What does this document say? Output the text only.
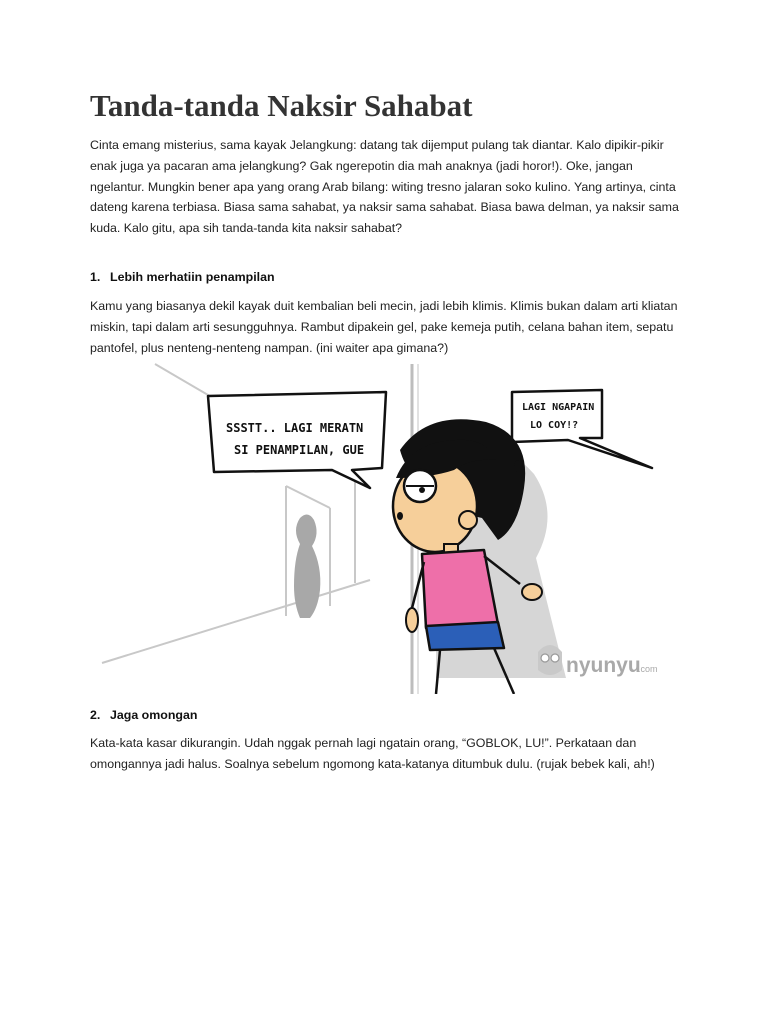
Tanda-tanda Naksir Sahabat

Cinta emang misterius, sama kayak Jelangkung: datang tak dijemput pulang tak diantar. Kalo dipikir-pikir enak juga ya pacaran ama jelangkung? Gak ngerepotin dia mah anaknya (jadi horor!). Oke, jangan ngelantur. Mungkin bener apa yang orang Arab bilang: witing tresno jalaran soko kulino. Yang artinya, cinta dateng karena terbiasa. Biasa sama sahabat, ya naksir sama sahabat. Biasa bawa delman, ya naksir sama kuda. Kalo gitu, apa sih tanda-tanda kita naksir sahabat?

1. Lebih merhatiin penampilan

Kamu yang biasanya dekil kayak duit kembalian beli mecin, jadi lebih klimis. Klimis bukan dalam arti kliatan miskin, tapi dalam arti sesungguhnya. Rambut dipakein gel, pake kemeja putih, celana bahan item, sepatu pantofel, plus nenteng-nenteng nampan. (ini waiter apa gimana?)

2. Jaga omongan

Kata-kata kasar dikurangin. Udah nggak pernah lagi ngatain orang, “GOBLOK, LU!”. Perkataan dan omongannya jadi halus. Soalnya sebelum ngomong kata-katanya ditumbuk dulu. (rujak bebek kali, ah!)

SSSTT.. LAGI MERATN
SI PENAMPILAN, GUE
LAGI NGAPAIN
LO COY!?
nyunyu
.com
